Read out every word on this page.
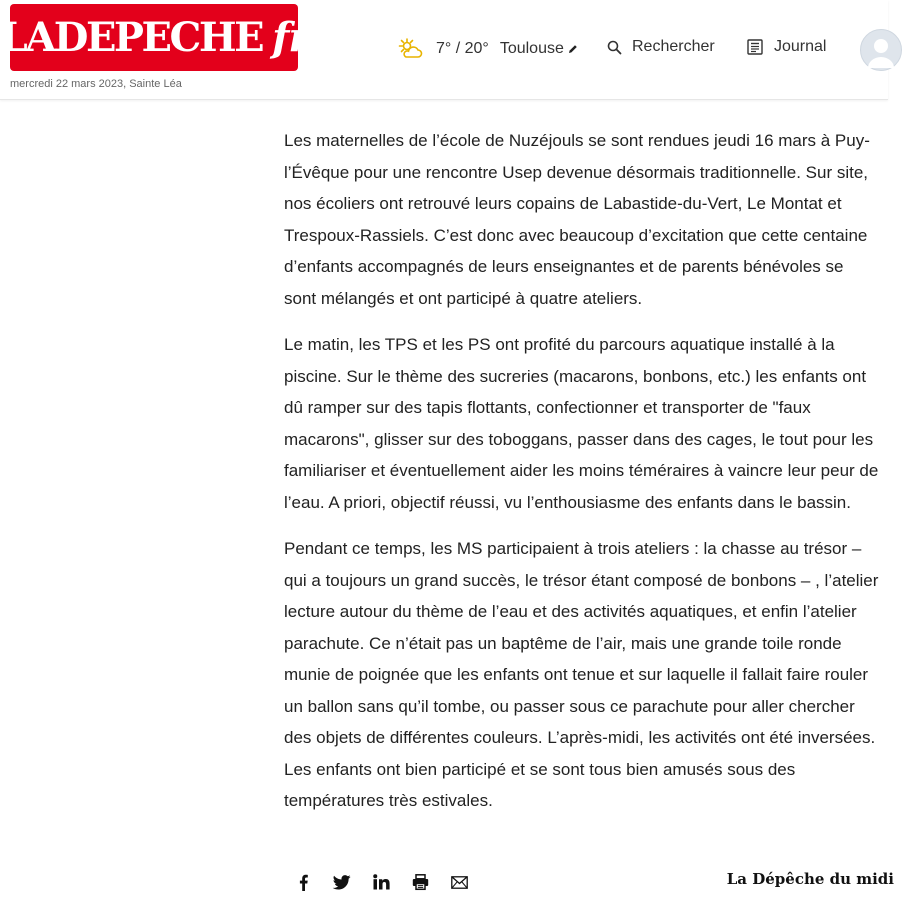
LADEPECHE fr
mercredi 22 mars 2023, Sainte Léa
7° / 20° Toulouse	Rechercher	Journal

Les maternelles de l’école de Nuzéjouls se sont rendues jeudi 16 mars à Puy-l’Évêque pour une rencontre Usep devenue désormais traditionnelle. Sur site, nos écoliers ont retrouvé leurs copains de Labastide-du-Vert, Le Montat et Trespoux-Rassiels. C’est donc avec beaucoup d’excitation que cette centaine d’enfants accompagnés de leurs enseignantes et de parents bénévoles se sont mélangés et ont participé à quatre ateliers.

Le matin, les TPS et les PS ont profité du parcours aquatique installé à la piscine. Sur le thème des sucreries (macarons, bonbons, etc.) les enfants ont dû ramper sur des tapis flottants, confectionner et transporter de "faux macarons", glisser sur des toboggans, passer dans des cages, le tout pour les familiariser et éventuellement aider les moins téméraires à vaincre leur peur de l’eau. A priori, objectif réussi, vu l’enthousiasme des enfants dans le bassin.

Pendant ce temps, les MS participaient à trois ateliers : la chasse au trésor – qui a toujours un grand succès, le trésor étant composé de bonbons – , l’atelier lecture autour du thème de l’eau et des activités aquatiques, et enfin l’atelier parachute. Ce n’était pas un baptême de l’air, mais une grande toile ronde munie de poignée que les enfants ont tenue et sur laquelle il fallait faire rouler un ballon sans qu’il tombe, ou passer sous ce parachute pour aller chercher des objets de différentes couleurs. L’après-midi, les activités ont été inversées. Les enfants ont bien participé et se sont tous bien amusés sous des températures très estivales.

La Dépêche du midi
